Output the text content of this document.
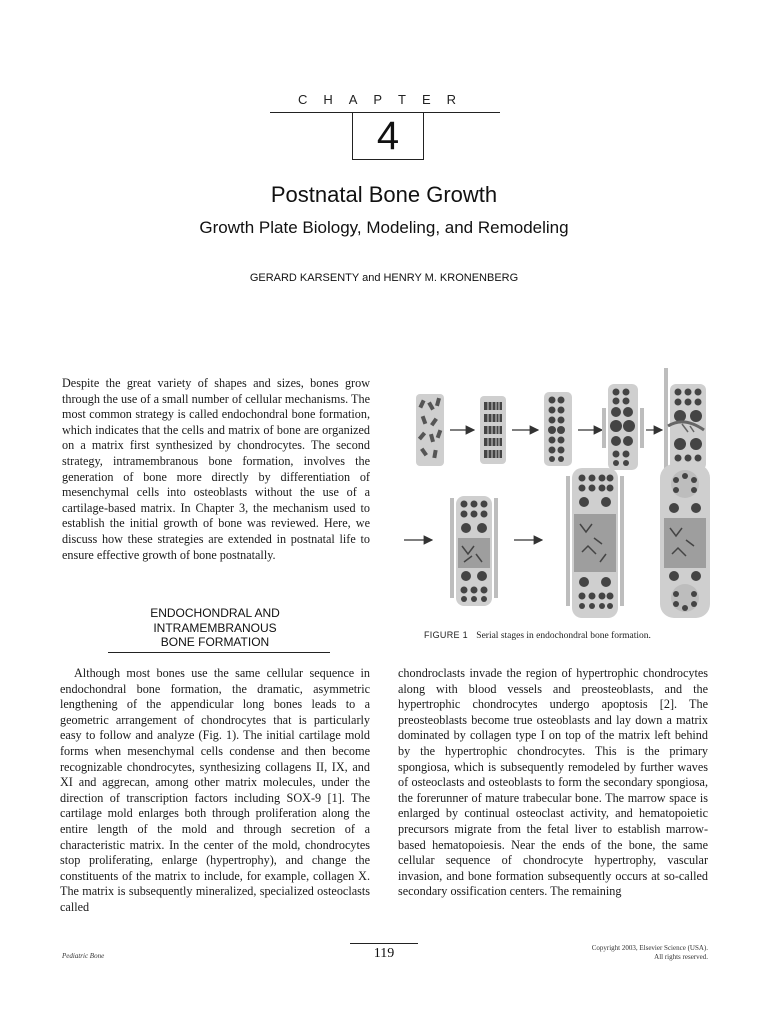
CHAPTER
4
Postnatal Bone Growth
Growth Plate Biology, Modeling, and Remodeling
GERARD KARSENTY and HENRY M. KRONENBERG

Despite the great variety of shapes and sizes, bones grow through the use of a small number of cellular mechanisms. The most common strategy is called endochondral bone formation, which indicates that the cells and matrix of bone are organized on a matrix first synthesized by chondrocytes. The second strategy, intramembranous bone formation, involves the generation of bone more directly by differentiation of mesenchymal cells into osteoblasts without the use of a cartilage-based matrix. In Chapter 3, the mechanism used to establish the initial growth of bone was reviewed. Here, we discuss how these strategies are extended in postnatal life to ensure effective growth of bone postnatally.

ENDOCHONDRAL AND
INTRAMEMBRANOUS
BONE FORMATION	FIGURE 1 Serial stages in endochondral bone formation.

Although most bones use the same cellular sequence in endochondral bone formation, the dramatic, asymmetric lengthening of the appendicular long bones leads to a geometric arrangement of chondrocytes that is particularly easy to follow and analyze (Fig. 1). The initial cartilage mold forms when mesenchymal cells condense and then become recognizable chondrocytes, synthesizing collagens II, IX, and XI and aggrecan, among other matrix molecules, under the direction of transcription factors including SOX-9 [1]. The cartilage mold enlarges both through proliferation along the entire length of the mold and through secretion of a characteristic matrix. In the center of the mold, chondrocytes stop proliferating, enlarge (hypertrophy), and change the constituents of the matrix to include, for example, collagen X. The matrix is subsequently mineralized, specialized osteoclasts called

chondroclasts invade the region of hypertrophic chondrocytes along with blood vessels and preosteoblasts, and the hypertrophic chondrocytes undergo apoptosis [2]. The preosteoblasts become true osteoblasts and lay down a matrix dominated by collagen type I on top of the matrix left behind by the hypertrophic chondrocytes. This is the primary spongiosa, which is subsequently remodeled by further waves of osteoclasts and osteoblasts to form the secondary spongiosa, the forerunner of mature trabecular bone. The marrow space is enlarged by continual osteoclast activity, and hematopoietic precursors migrate from the fetal liver to establish marrow-based hematopoiesis. Near the ends of the bone, the same cellular sequence of chondrocyte hypertrophy, vascular invasion, and bone formation subsequently occurs at so-called secondary ossification centers. The remaining

Pediatric Bone	119	Copyright 2003, Elsevier Science (USA).
All rights reserved.
